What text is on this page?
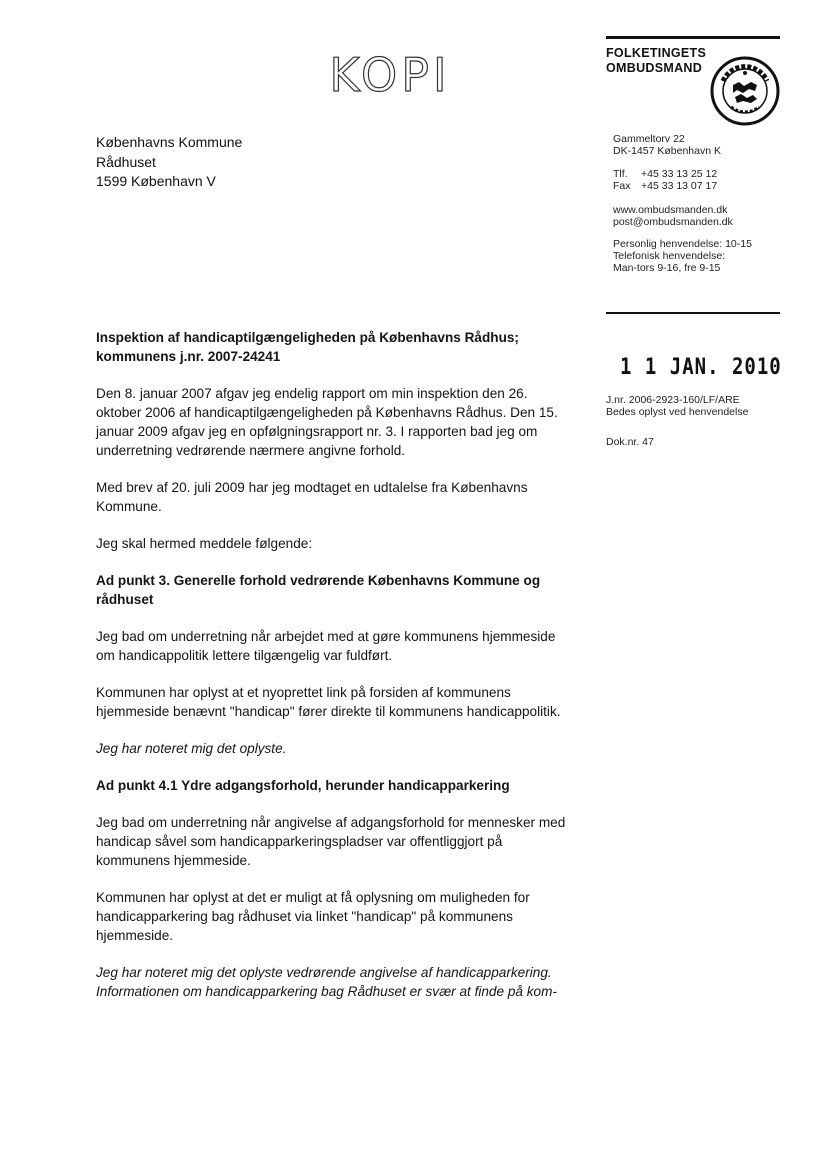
KOPI	FOLKETINGETS
OMBUDSMAND
Gammeltorv 22
DK-1457 København K
Tlf. +45 33 13 25 12
Fax +45 33 13 07 17
www.ombudsmanden.dk
post@ombudsmanden.dk
Personlig henvendelse: 10-15
Telefonisk henvendelse:
Man-tors 9-16, fre 9-15
1 1 JAN. 2010
J.nr. 2006-2923-160/LF/ARE
Bedes oplyst ved henvendelse
Dok.nr. 47
Københavns Kommune
Rådhuset
1599 København V

Inspektion af handicaptilgængeligheden på Københavns Rådhus; kommunens j.nr. 2007-24241

Den 8. januar 2007 afgav jeg endelig rapport om min inspektion den 26. oktober 2006 af handicaptilgængeligheden på Københavns Rådhus. Den 15. januar 2009 afgav jeg en opfølgningsrapport nr. 3. I rapporten bad jeg om underretning vedrørende nærmere angivne forhold.

Med brev af 20. juli 2009 har jeg modtaget en udtalelse fra Københavns Kommune.

Jeg skal hermed meddele følgende:

Ad punkt 3. Generelle forhold vedrørende Københavns Kommune og rådhuset

Jeg bad om underretning når arbejdet med at gøre kommunens hjemmeside om handicappolitik lettere tilgængelig var fuldført.

Kommunen har oplyst at et nyoprettet link på forsiden af kommunens hjemmeside benævnt "handicap" fører direkte til kommunens handicappolitik.

Jeg har noteret mig det oplyste.

Ad punkt 4.1 Ydre adgangsforhold, herunder handicapparkering

Jeg bad om underretning når angivelse af adgangsforhold for mennesker med handicap såvel som handicapparkeringspladser var offentliggjort på kommunens hjemmeside.

Kommunen har oplyst at det er muligt at få oplysning om muligheden for handicapparkering bag rådhuset via linket "handicap" på kommunens hjemmeside.

Jeg har noteret mig det oplyste vedrørende angivelse af handicapparkering. Informationen om handicapparkering bag Rådhuset er svær at finde på kom-
